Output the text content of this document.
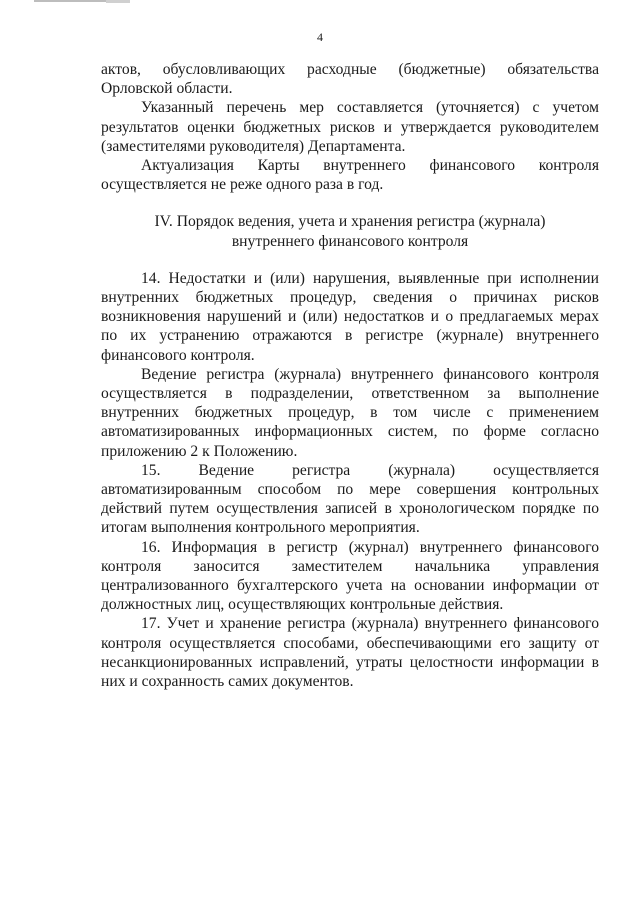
4

актов, обусловливающих расходные (бюджетные) обязательства Орловской области.

Указанный перечень мер составляется (уточняется) с учетом результатов оценки бюджетных рисков и утверждается руководителем (заместителями руководителя) Департамента.

Актуализация Карты внутреннего финансового контроля осуществляется не реже одного раза в год.

IV. Порядок ведения, учета и хранения регистра (журнала)
внутреннего финансового контроля

14. Недостатки и (или) нарушения, выявленные при исполнении внутренних бюджетных процедур, сведения о причинах рисков возникновения нарушений и (или) недостатков и о предлагаемых мерах по их устранению отражаются в регистре (журнале) внутреннего финансового контроля.

Ведение регистра (журнала) внутреннего финансового контроля осуществляется в подразделении, ответственном за выполнение внутренних бюджетных процедур, в том числе с применением автоматизированных информационных систем, по форме согласно приложению 2 к Положению.

15. Ведение регистра (журнала) осуществляется автоматизированным способом по мере совершения контрольных действий путем осуществления записей в хронологическом порядке по итогам выполнения контрольного мероприятия.

16. Информация в регистр (журнал) внутреннего финансового контроля заносится заместителем начальника управления централизованного бухгалтерского учета на основании информации от должностных лиц, осуществляющих контрольные действия.

17. Учет и хранение регистра (журнала) внутреннего финансового контроля осуществляется способами, обеспечивающими его защиту от несанкционированных исправлений, утраты целостности информации в них и сохранность самих документов.
